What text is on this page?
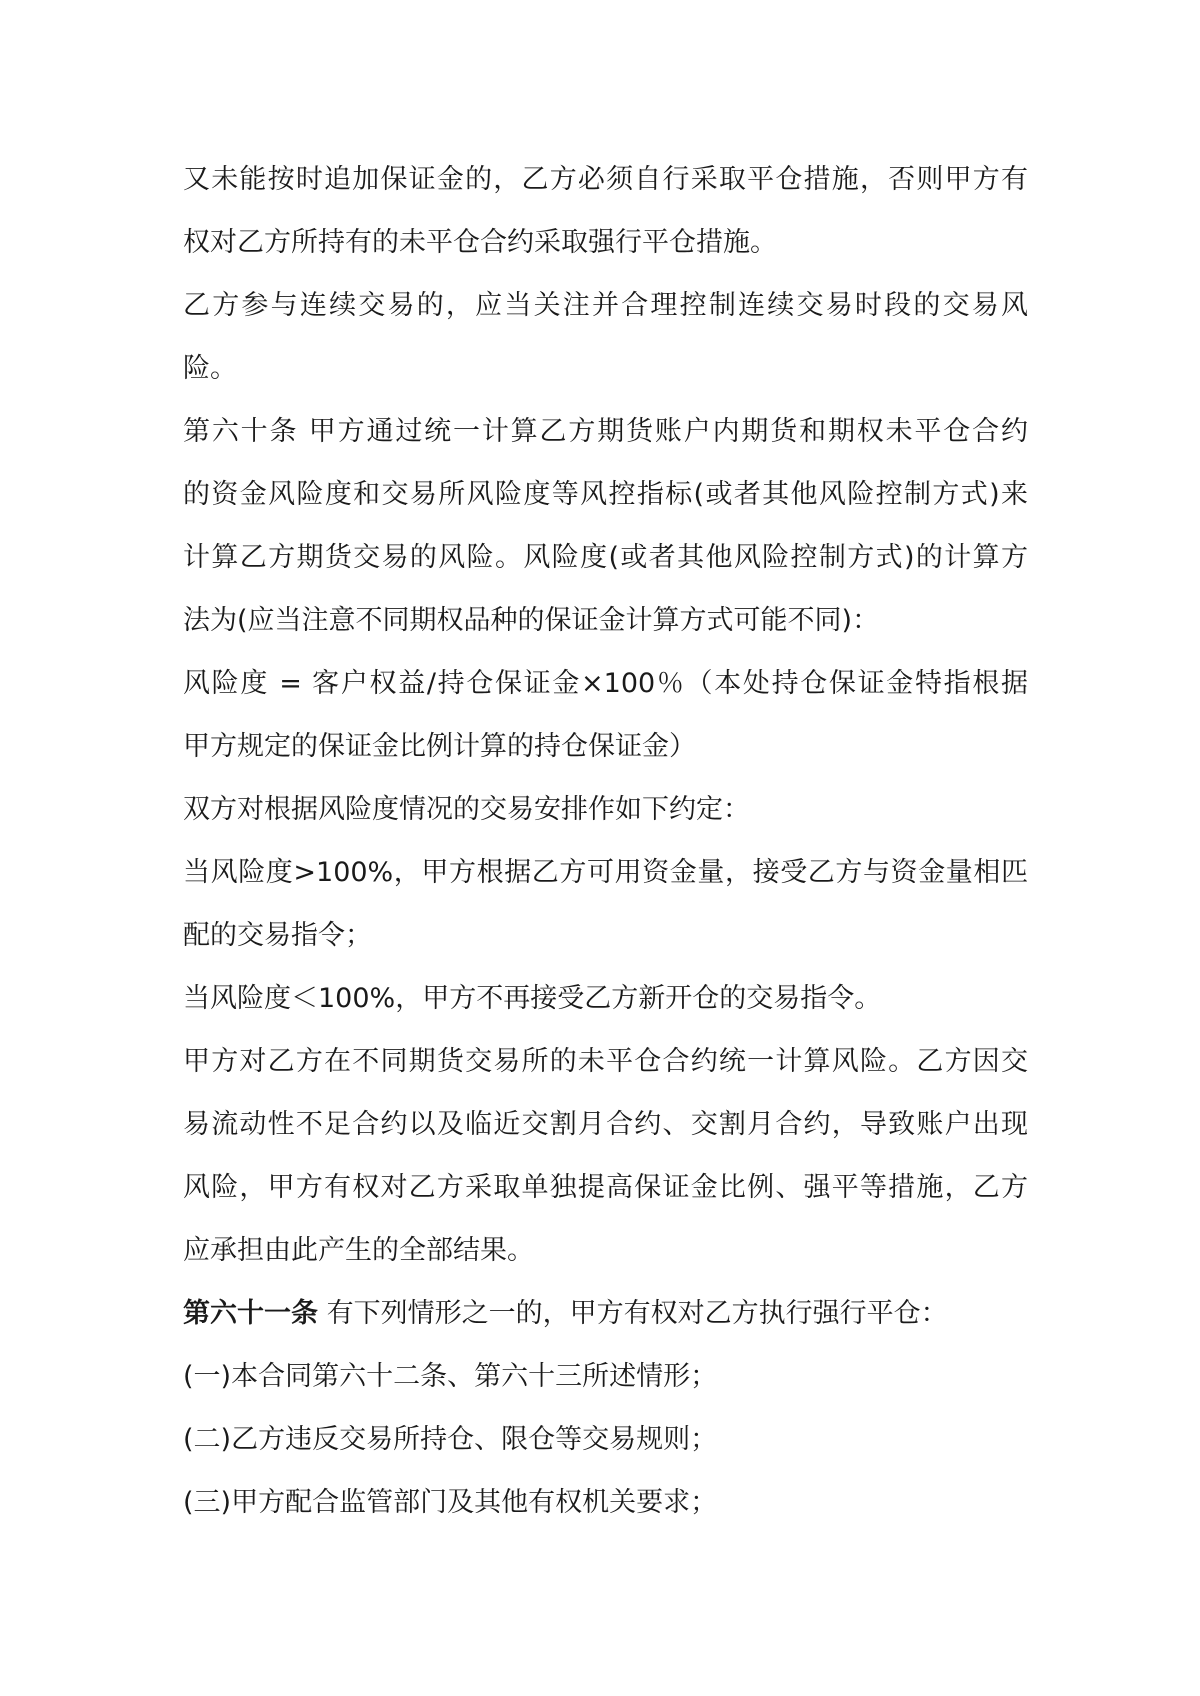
又未能按时追加保证金的，乙方必须自行采取平仓措施，否则甲方有
权对乙方所持有的未平仓合约采取强行平仓措施。
乙方参与连续交易的，应当关注并合理控制连续交易时段的交易风
险。
第六十条 甲方通过统一计算乙方期货账户内期货和期权未平仓合约
的资金风险度和交易所风险度等风控指标(或者其他风险控制方式)来
计算乙方期货交易的风险。风险度(或者其他风险控制方式)的计算方
法为(应当注意不同期权品种的保证金计算方式可能不同)：
风险度 = 客户权益/持仓保证金×100％（本处持仓保证金特指根据
甲方规定的保证金比例计算的持仓保证金）
双方对根据风险度情况的交易安排作如下约定：
当风险度>100%，甲方根据乙方可用资金量，接受乙方与资金量相匹
配的交易指令；
当风险度＜100%，甲方不再接受乙方新开仓的交易指令。
甲方对乙方在不同期货交易所的未平仓合约统一计算风险。乙方因交
易流动性不足合约以及临近交割月合约、交割月合约，导致账户出现
风险，甲方有权对乙方采取单独提高保证金比例、强平等措施，乙方
应承担由此产生的全部结果。
第六十一条 有下列情形之一的，甲方有权对乙方执行强行平仓：
(一)本合同第六十二条、第六十三所述情形；
(二)乙方违反交易所持仓、限仓等交易规则；
(三)甲方配合监管部门及其他有权机关要求；
